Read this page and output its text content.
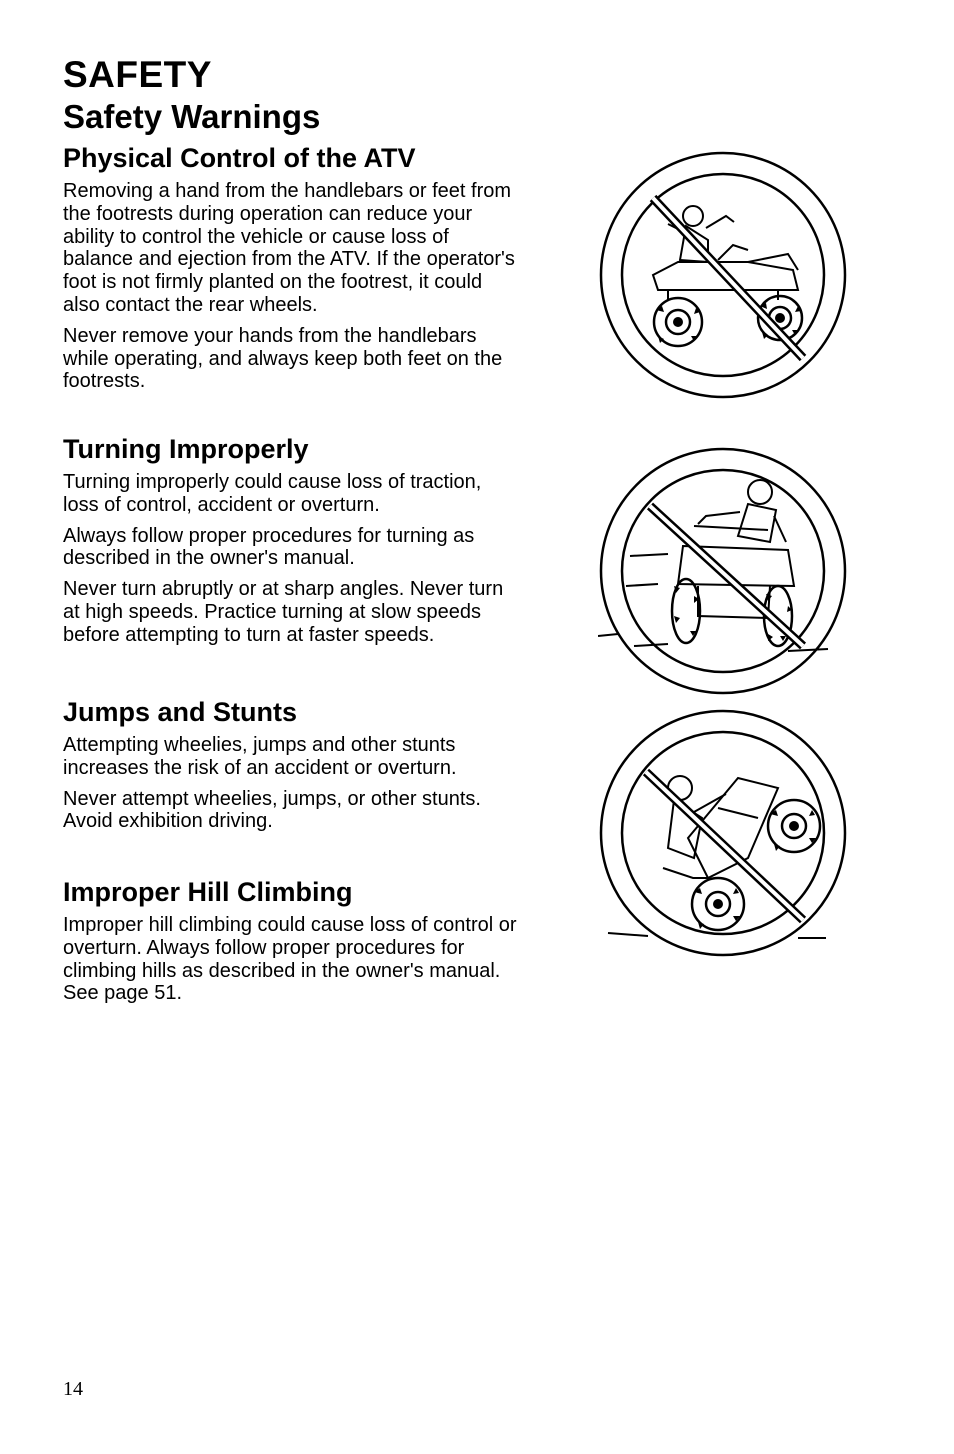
SAFETY
Safety Warnings
Physical Control of the ATV

Removing a hand from the handlebars or feet from the footrests during operation can reduce your ability to control the vehicle or cause loss of balance and ejection from the ATV. If the operator's foot is not firmly planted on the footrest, it could also contact the rear wheels.

Never remove your hands from the handlebars while operating, and always keep both feet on the footrests.

Turning Improperly

Turning improperly could cause loss of traction, loss of control, accident or overturn.

Always follow proper procedures for turning as described in the owner's manual.

Never turn abruptly or at sharp angles. Never turn at high speeds. Practice turning at slow speeds before attempting to turn at faster speeds.

Jumps and Stunts

Attempting wheelies, jumps and other stunts increases the risk of an accident or overturn.

Never attempt wheelies, jumps, or other stunts. Avoid exhibition driving.

Improper Hill Climbing

Improper hill climbing could cause loss of control or overturn. Always follow proper procedures for climbing hills as described in the owner's manual. See page 51.

14
